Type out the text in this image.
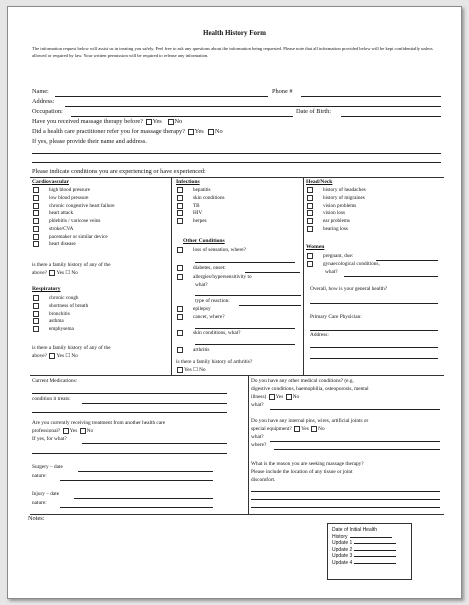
Health History Form
The information request below will assist us in treating you safely. Feel free to ask any questions about the information being requested. Please note that all information provided below will be kept confidentially unless allowed or required by law. Your written permission will be required to release any information.
Name:	Phone #
Address:
Occupation:	Date of Birth:
Have you received massage therapy before? Yes No
Did a health care practitioner refer you for massage therapy? Yes No
If yes, please provide their name and address.
Please indicate conditions you are experiencing or have experienced:
Cardiovascular
high blood pressure
low blood pressure
chronic congestive heart failure
heart attack
phlebitis / varicose veins
stroke/CVA
pacemaker or similar device
heart disease
is there a family history of any of the
above? Yes ☐ No
Respiratory
chronic cough
shortness of breath
bronchitis
asthma
emphysema
is there a family history of any of the
above? Yes ☐ No
Infections
hepatitis
skin conditions
TB
HIV
herpes
Other Conditions
loss of sensation, where?
diabetes, onset:
allergies/hypersensitivity to
what?
type of reaction:
epilepsy
cancer, where?
skin conditions, what?
arthritis
is there a family history of arthritis?
Yes ☐ No
Head/Neck
history of headaches
history of migraines
vision problems
vision loss
ear problems
hearing loss
Women
pregnant, due:
gynaecological conditions,
what?
Overall, how is your general health?
Primary Care Physician:
Address:
Current Medications:
condition it treats:
Are you currently receiving treatment from another health care
professional? Yes No
If yes, for what?
Surgery – date
nature:
Injury – date
nature:
Do you have any other medical conditions? (e.g.
digestive conditions, haemophilia, osteoporosis, mental
illness) Yes No
what?
Do you have any internal pins, wires, artificial joints or
special equipment? Yes No
what?
where?
What is the reason you are seeking massage therapy?
Please include the location of any tissue or joint
discomfort.
Notes:
Date of Initial Health
History
Update 1
Update 2
Update 3
Update 4
